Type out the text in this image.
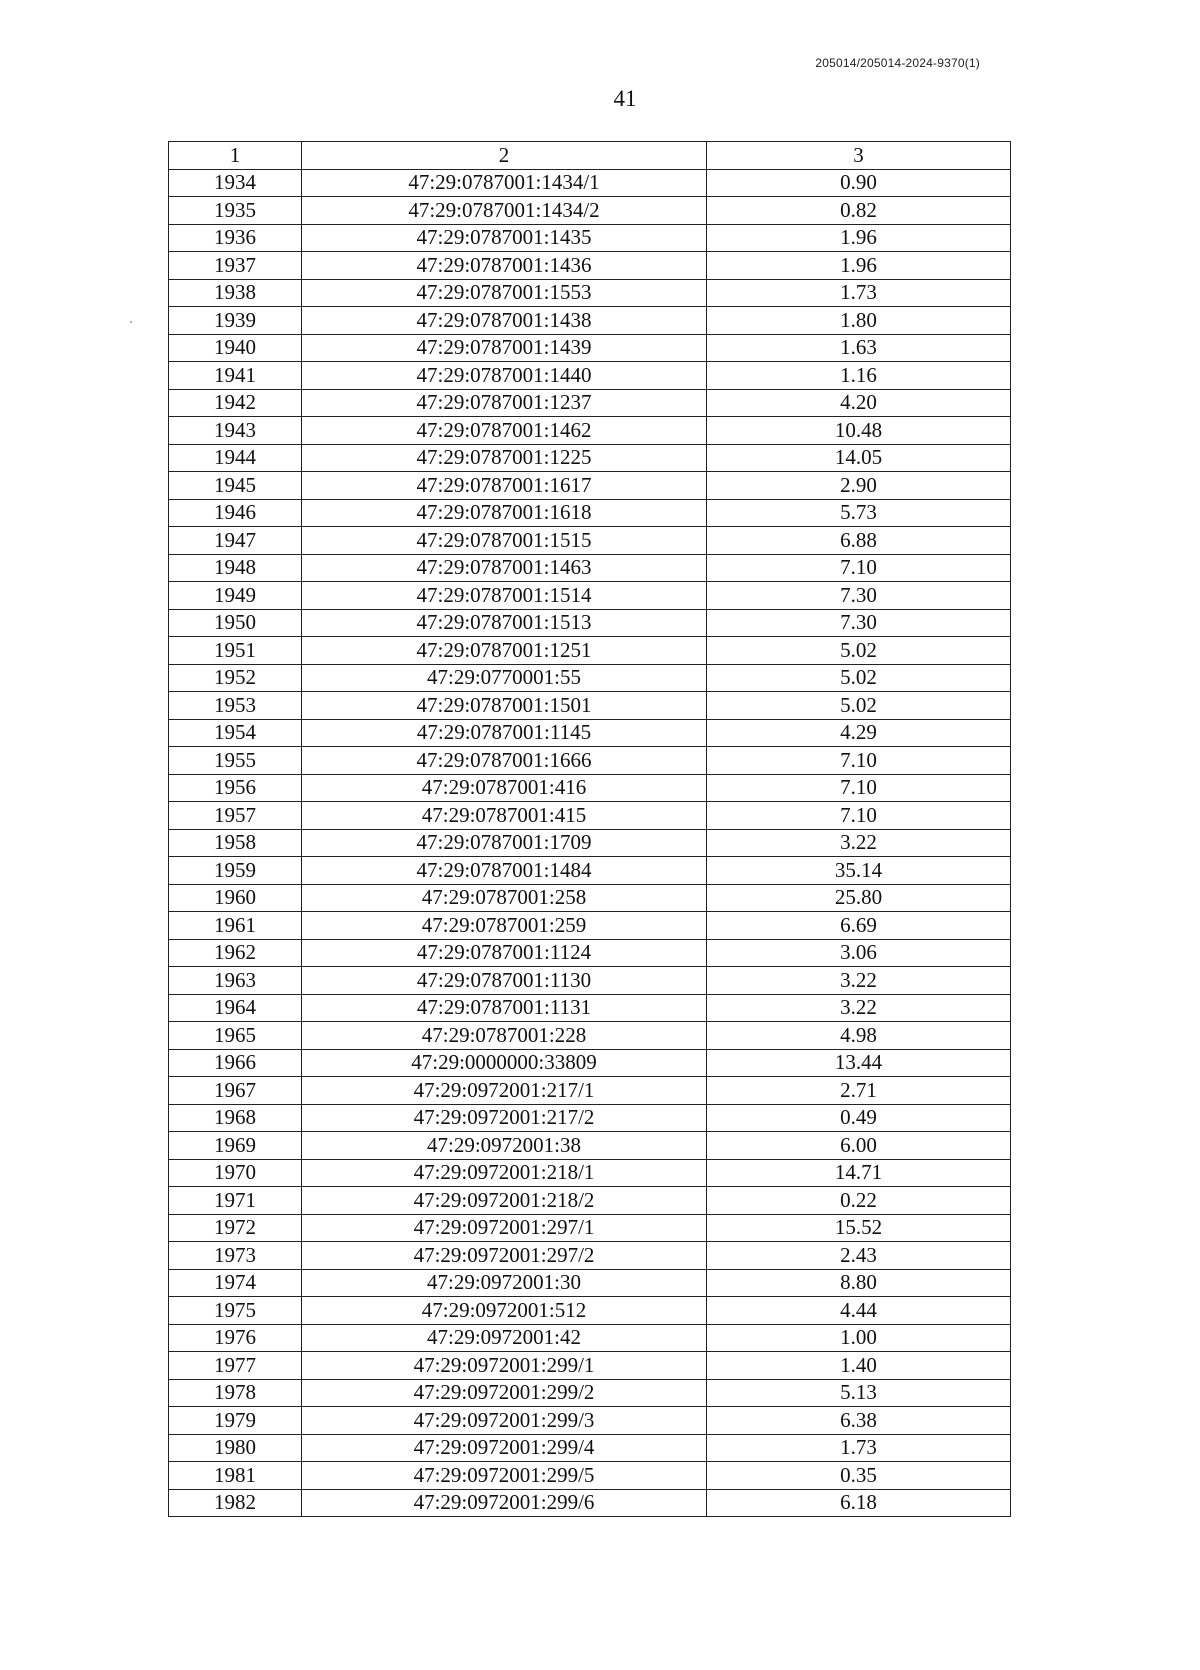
205014/205014-2024-9370(1)
41
1	2	3
1934	47:29:0787001:1434/1	0.90
1935	47:29:0787001:1434/2	0.82
1936	47:29:0787001:1435	1.96
1937	47:29:0787001:1436	1.96
1938	47:29:0787001:1553	1.73
1939	47:29:0787001:1438	1.80
1940	47:29:0787001:1439	1.63
1941	47:29:0787001:1440	1.16
1942	47:29:0787001:1237	4.20
1943	47:29:0787001:1462	10.48
1944	47:29:0787001:1225	14.05
1945	47:29:0787001:1617	2.90
1946	47:29:0787001:1618	5.73
1947	47:29:0787001:1515	6.88
1948	47:29:0787001:1463	7.10
1949	47:29:0787001:1514	7.30
1950	47:29:0787001:1513	7.30
1951	47:29:0787001:1251	5.02
1952	47:29:0770001:55	5.02
1953	47:29:0787001:1501	5.02
1954	47:29:0787001:1145	4.29
1955	47:29:0787001:1666	7.10
1956	47:29:0787001:416	7.10
1957	47:29:0787001:415	7.10
1958	47:29:0787001:1709	3.22
1959	47:29:0787001:1484	35.14
1960	47:29:0787001:258	25.80
1961	47:29:0787001:259	6.69
1962	47:29:0787001:1124	3.06
1963	47:29:0787001:1130	3.22
1964	47:29:0787001:1131	3.22
1965	47:29:0787001:228	4.98
1966	47:29:0000000:33809	13.44
1967	47:29:0972001:217/1	2.71
1968	47:29:0972001:217/2	0.49
1969	47:29:0972001:38	6.00
1970	47:29:0972001:218/1	14.71
1971	47:29:0972001:218/2	0.22
1972	47:29:0972001:297/1	15.52
1973	47:29:0972001:297/2	2.43
1974	47:29:0972001:30	8.80
1975	47:29:0972001:512	4.44
1976	47:29:0972001:42	1.00
1977	47:29:0972001:299/1	1.40
1978	47:29:0972001:299/2	5.13
1979	47:29:0972001:299/3	6.38
1980	47:29:0972001:299/4	1.73
1981	47:29:0972001:299/5	0.35
1982	47:29:0972001:299/6	6.18
